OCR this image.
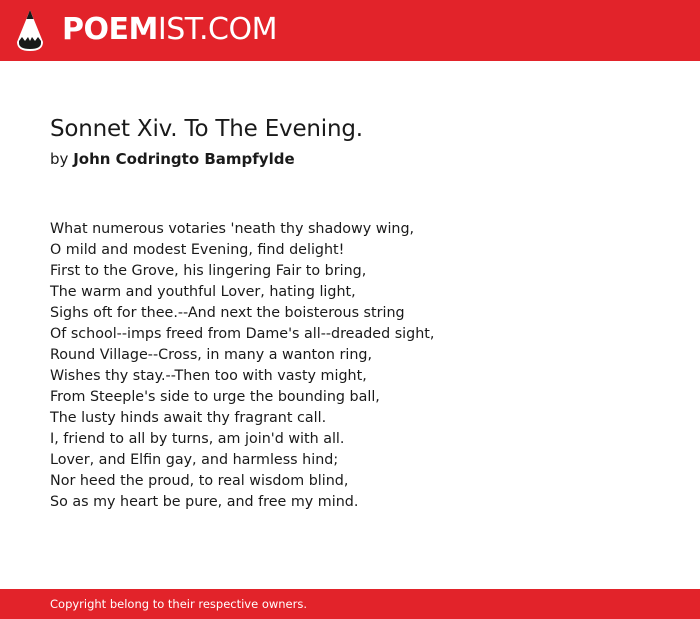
POEMIST.COM
Sonnet Xiv. To The Evening.
by John Codringto Bampfylde
What numerous votaries 'neath thy shadowy wing,
O mild and modest Evening, find delight!
First to the Grove, his lingering Fair to bring,
The warm and youthful Lover, hating light,
Sighs oft for thee.--And next the boisterous string
Of school--imps freed from Dame's all--dreaded sight,
Round Village--Cross, in many a wanton ring,
Wishes thy stay.--Then too with vasty might,
From Steeple's side to urge the bounding ball,
The lusty hinds await thy fragrant call.
I, friend to all by turns, am join'd with all.
Lover, and Elfin gay, and harmless hind;
Nor heed the proud, to real wisdom blind,
So as my heart be pure, and free my mind.
Copyright belong to their respective owners.
